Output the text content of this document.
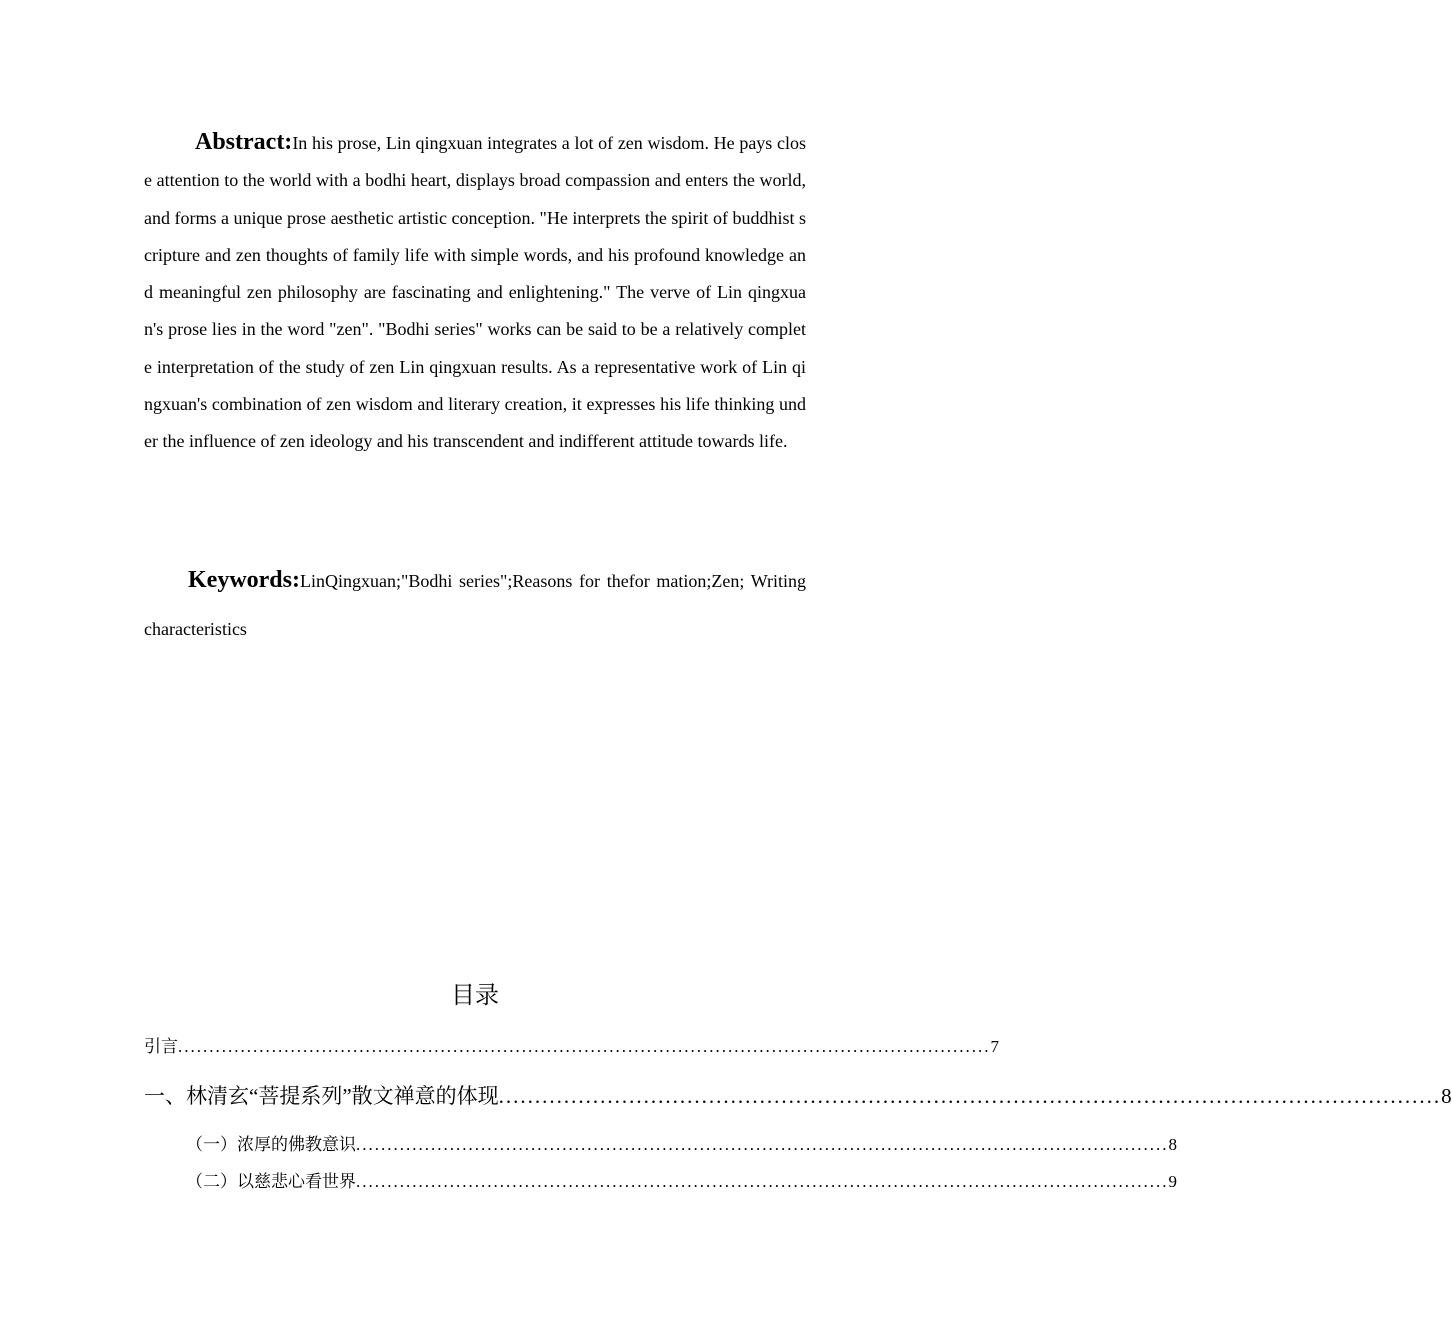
Abstract:In his prose, Lin qingxuan integrates a lot of zen wisdom. He pays close attention to the world with a bodhi heart, displays broad compassion and enters the world, and forms a unique prose aesthetic artistic conception. "He interprets the spirit of buddhist scripture and zen thoughts of family life with simple words, and his profound knowledge and meaningful zen philosophy are fascinating and enlightening." The verve of Lin qingxuan's prose lies in the word "zen". "Bodhi series" works can be said to be a relatively complete interpretation of the study of zen Lin qingxuan results. As a representative work of Lin qingxuan's combination of zen wisdom and literary creation, it expresses his life thinking under the influence of zen ideology and his transcendent and indifferent attitude towards life.
Keywords:LinQingxuan;"Bodhi series";Reasons for thefor mation;Zen; Writing characteristics
目录
引言 .................................................................................................................................. 7
一、 林清玄“菩提系列”散文禅意的体现 .................................................................................................................................. 8
（一） 浓厚的佛教意识 .................................................................................................................................. 8
（二） 以慈悲心看世界 .................................................................................................................................. 9
